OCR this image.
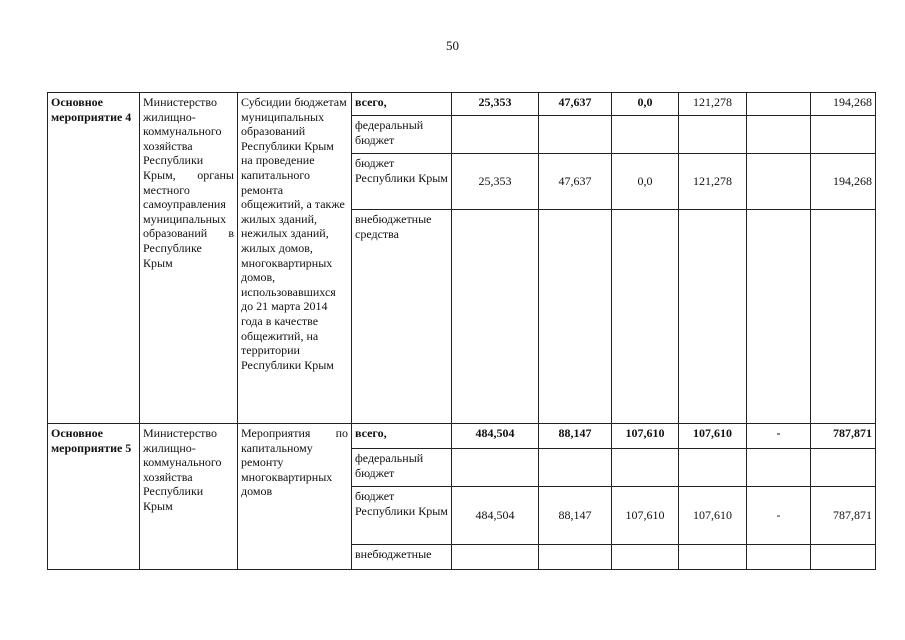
50
Основное мероприятие 4	Министерство жилищно-коммунального хозяйства Республики Крым, органы местного самоуправления муниципальных образований в Республике Крым	Субсидии бюджетам муниципальных образований Республики Крым на проведение капитального ремонта общежитий, а также жилых зданий, нежилых зданий, жилых домов, многоквартирных домов, использовавшихся до 21 марта 2014 года в качестве общежитий, на территории Республики Крым	всего,	25,353	47,637	0,0	121,278		194,268
			федеральный бюджет						
			бюджет Республики Крым	25,353	47,637	0,0	121,278		194,268
			внебюджетные средства						
Основное мероприятие 5	Министерство жилищно-коммунального хозяйства Республики Крым	Мероприятия по капитальному ремонту многоквартирных домов	всего,	484,504	88,147	107,610	107,610	-	787,871
			федеральный бюджет						
			бюджет Республики Крым	484,504	88,147	107,610	107,610	-	787,871
			внебюджетные						
